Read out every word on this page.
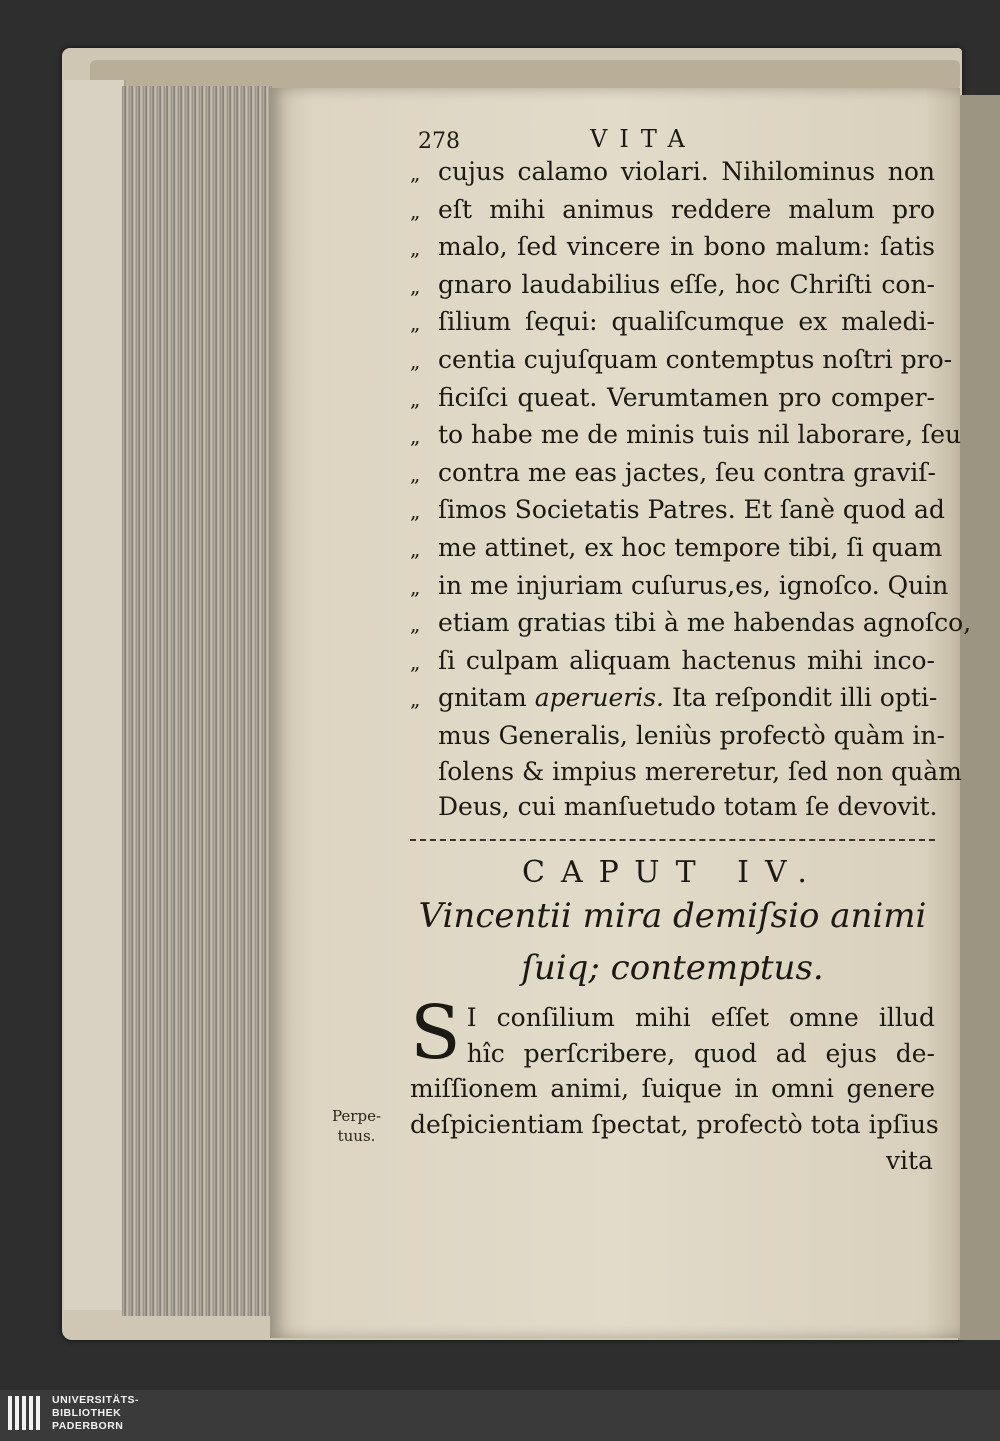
Perpe-
tuus.
278	VITA
„ cujus calamo violari. Nihilominus non
„ eſt mihi animus reddere malum pro
„ malo, ſed vincere in bono malum: ſatis
„ gnaro laudabilius eſſe, hoc Chriſti con-
„ ſilium ſequi: qualiſcumque ex maledi-
„ centia cujuſquam contemptus noſtri pro-
„ ficiſci queat. Verumtamen pro comper-
„ to habe me de minis tuis nil laborare, ſeu
„ contra me eas jactes, ſeu contra graviſ-
„ ſimos Societatis Patres. Et ſanè quod ad
„ me attinet, ex hoc tempore tibi, ſi quam
„ in me injuriam cuſurus,es, ignoſco. Quin
„ etiam gratias tibi à me habendas agnoſco,
„ ſi culpam aliquam hactenus mihi inco-
„ gnitam aperueris. Ita reſpondit illi opti-
mus Generalis, leniùs profectò quàm in-
ſolens & impius mereretur, ſed non quàm
Deus, cui manſuetudo totam ſe devovit.
CAPUT IV.
Vincentii mira demiſsio animi
ſuiq; contemptus.
S I conſilium mihi eſſet omne illud
hîc perſcribere, quod ad ejus de-
miſſionem animi, ſuique in omni genere
deſpicientiam ſpectat, profectò tota ipſius
vita
UNIVERSITÄTS-
BIBLIOTHEK
PADERBORN
